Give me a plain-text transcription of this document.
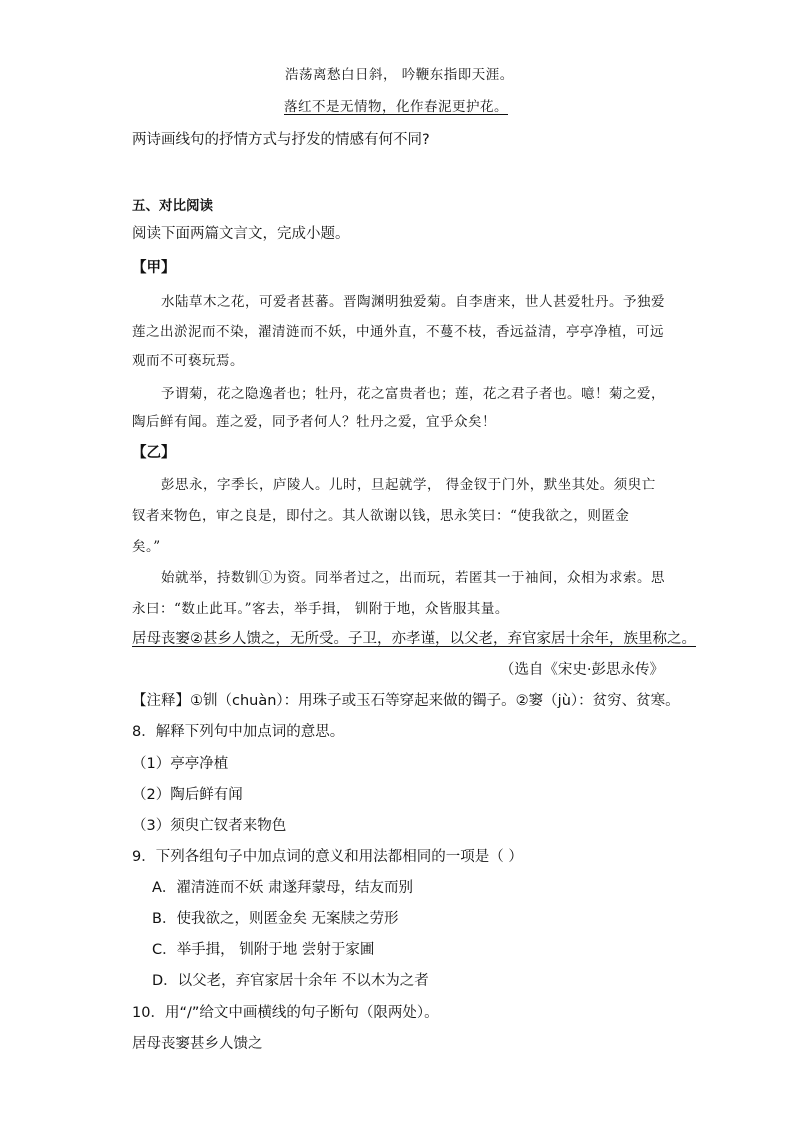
浩荡离愁白日斜， 吟鞭东指即天涯。
落红不是无情物，化作春泥更护花。
两诗画线句的抒情方式与抒发的情感有何不同?
五、对比阅读
阅读下面两篇文言文，完成小题。
【甲】
水陆草木之花，可爱者甚蕃。晋陶渊明独爱菊。自李唐来，世人甚爱牡丹。予独爱
莲之出淤泥而不染，濯清涟而不妖，中通外直，不蔓不枝，香远益清，亭亭净植，可远
观而不可亵玩焉。
予谓菊，花之隐逸者也；牡丹，花之富贵者也；莲，花之君子者也。噫！菊之爱，
陶后鲜有闻。莲之爱，同予者何人？牡丹之爱，宜乎众矣！
【乙】
彭思永，字季长，庐陵人。儿时，旦起就学， 得金钗于门外，默坐其处。须臾亡
钗者来物色，审之良是，即付之。其人欲谢以钱，思永笑曰：“使我欲之，则匿金
矣。”
始就举，持数钏①为资。同举者过之，出而玩，若匿其一于袖间，众相为求索。思
永曰：“数止此耳。”客去，举手揖， 钏附于地，众皆服其量。
居母丧窭②甚乡人馈之，无所受。子卫，亦孝谨，以父老，弃官家居十余年，族里称之。
（选自《宋史·彭思永传》
【注释】①钏（chuàn）：用珠子或玉石等穿起来做的镯子。②窭（jù）：贫穷、贫寒。
8．解释下列句中加点词的意思。
（1）亭亭净植
（2）陶后鲜有闻
（3）须臾亡钗者来物色
9．下列各组句子中加点词的意义和用法都相同的一项是（ ）
A．濯清涟而不妖 肃遂拜蒙母，结友而别
B．使我欲之，则匿金矣 无案牍之劳形
C．举手揖， 钏附于地 尝射于家圃
D．以父老，弃官家居十余年 不以木为之者
10．用“/”给文中画横线的句子断句（限两处）。
居母丧窭甚乡人馈之
